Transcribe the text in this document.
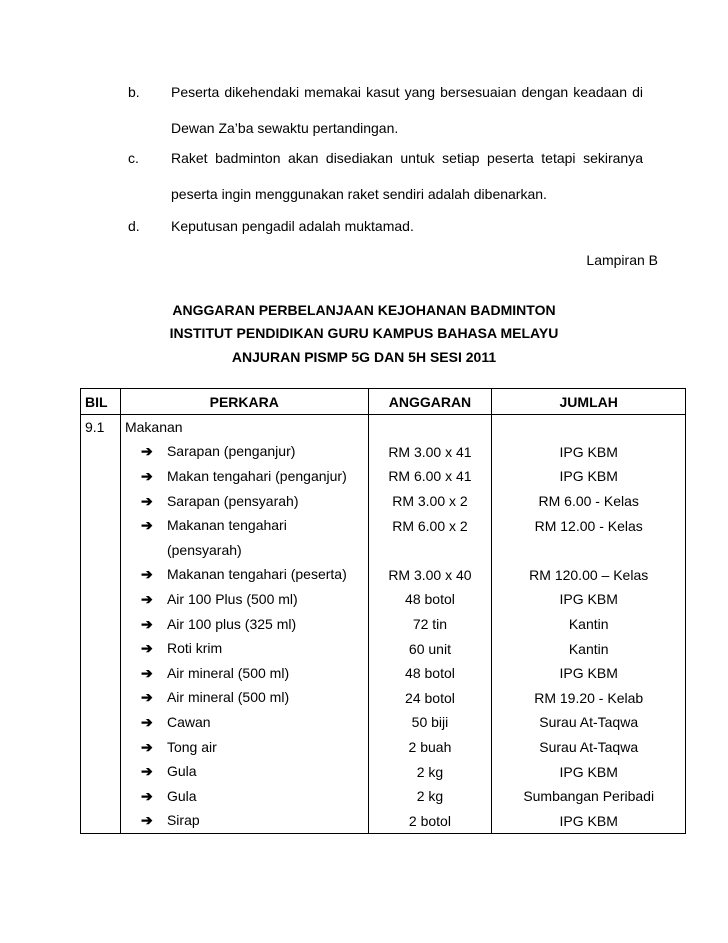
b. Peserta dikehendaki memakai kasut yang bersesuaian dengan keadaan di Dewan Za’ba sewaktu pertandingan.
c. Raket badminton akan disediakan untuk setiap peserta tetapi sekiranya peserta ingin menggunakan raket sendiri adalah dibenarkan.
d. Keputusan pengadil adalah muktamad.
Lampiran B
ANGGARAN PERBELANJAAN KEJOHANAN BADMINTON
INSTITUT PENDIDIKAN GURU KAMPUS BAHASA MELAYU
ANJURAN PISMP 5G DAN 5H SESI 2011
BIL	PERKARA	ANGGARAN	JUMLAH
9.1	Makanan		
	➔ Sarapan (penganjur)	RM 3.00 x 41	IPG KBM
	➔ Makan tengahari (penganjur)	RM 6.00 x 41	IPG KBM
	➔ Sarapan (pensyarah)	RM 3.00 x 2	RM 6.00 - Kelas
	➔ Makanan tengahari	RM 6.00 x 2	RM 12.00 - Kelas
	(pensyarah)		
	➔ Makanan tengahari (peserta)	RM 3.00 x 40	RM 120.00 – Kelas
	➔ Air 100 Plus (500 ml)	48 botol	IPG KBM
	➔ Air 100 plus (325 ml)	72 tin	Kantin
	➔ Roti krim	60 unit	Kantin
	➔ Air mineral (500 ml)	48 botol	IPG KBM
	➔ Air mineral (500 ml)	24 botol	RM 19.20 - Kelab
	➔ Cawan	50 biji	Surau At-Taqwa
	➔ Tong air	2 buah	Surau At-Taqwa
	➔ Gula	2 kg	IPG KBM
	➔ Gula	2 kg	Sumbangan Peribadi
	➔ Sirap	2 botol	IPG KBM
